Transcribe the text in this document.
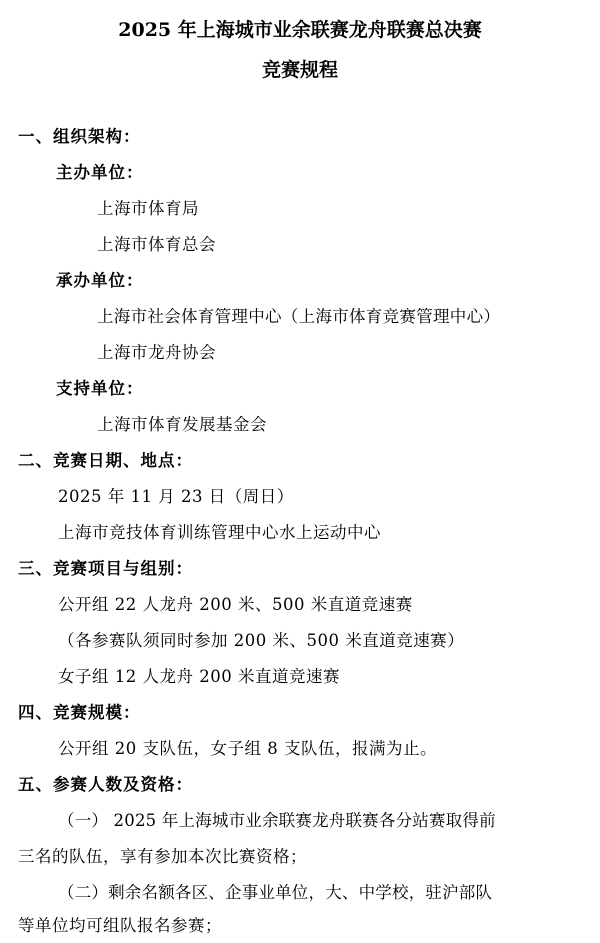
2025 年上海城市业余联赛龙舟联赛总决赛
竞赛规程
一、组织架构：
主办单位：
上海市体育局
上海市体育总会
承办单位：
上海市社会体育管理中心（上海市体育竞赛管理中心）
上海市龙舟协会
支持单位：
上海市体育发展基金会
二、竞赛日期、地点：
2025 年 11 月 23 日（周日）
上海市竞技体育训练管理中心水上运动中心
三、竞赛项目与组别：
公开组 22 人龙舟 200 米、500 米直道竞速赛
（各参赛队须同时参加 200 米、500 米直道竞速赛）
女子组 12 人龙舟 200 米直道竞速赛
四、竞赛规模：
公开组 20 支队伍，女子组 8 支队伍，报满为止。
五、参赛人数及资格：
（一） 2025 年上海城市业余联赛龙舟联赛各分站赛取得前
三名的队伍，享有参加本次比赛资格；
（二）剩余名额各区、企事业单位，大、中学校，驻沪部队
等单位均可组队报名参赛；
